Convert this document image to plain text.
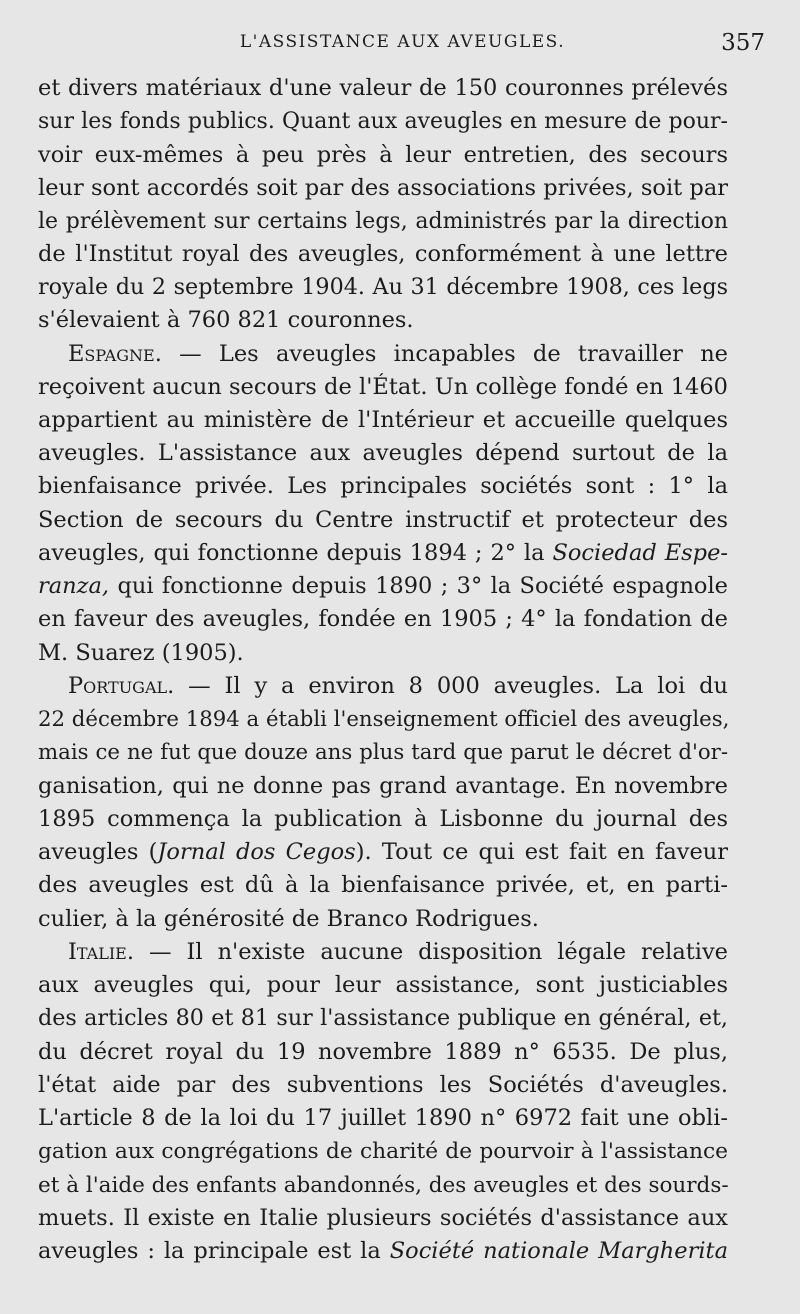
L'ASSISTANCE AUX AVEUGLES.	357
et divers matériaux d'une valeur de 150 couronnes prélevés
sur les fonds publics. Quant aux aveugles en mesure de pour-
voir eux-mêmes à peu près à leur entretien, des secours
leur sont accordés soit par des associations privées, soit par
le prélèvement sur certains legs, administrés par la direction
de l'Institut royal des aveugles, conformément à une lettre
royale du 2 septembre 1904. Au 31 décembre 1908, ces legs
s'élevaient à 760 821 couronnes.
Espagne. — Les aveugles incapables de travailler ne
reçoivent aucun secours de l'État. Un collège fondé en 1460
appartient au ministère de l'Intérieur et accueille quelques
aveugles. L'assistance aux aveugles dépend surtout de la
bienfaisance privée. Les principales sociétés sont : 1° la
Section de secours du Centre instructif et protecteur des
aveugles, qui fonctionne depuis 1894 ; 2° la Sociedad Espe-
ranza, qui fonctionne depuis 1890 ; 3° la Société espagnole
en faveur des aveugles, fondée en 1905 ; 4° la fondation de
M. Suarez (1905).
Portugal. — Il y a environ 8 000 aveugles. La loi du
22 décembre 1894 a établi l'enseignement officiel des aveugles,
mais ce ne fut que douze ans plus tard que parut le décret d'or-
ganisation, qui ne donne pas grand avantage. En novembre
1895 commença la publication à Lisbonne du journal des
aveugles (Jornal dos Cegos). Tout ce qui est fait en faveur
des aveugles est dû à la bienfaisance privée, et, en parti-
culier, à la générosité de Branco Rodrigues.
Italie. — Il n'existe aucune disposition légale relative
aux aveugles qui, pour leur assistance, sont justiciables
des articles 80 et 81 sur l'assistance publique en général, et,
du décret royal du 19 novembre 1889 n° 6535. De plus,
l'état aide par des subventions les Sociétés d'aveugles.
L'article 8 de la loi du 17 juillet 1890 n° 6972 fait une obli-
gation aux congrégations de charité de pourvoir à l'assistance
et à l'aide des enfants abandonnés, des aveugles et des sourds-
muets. Il existe en Italie plusieurs sociétés d'assistance aux
aveugles : la principale est la Société nationale Margherita
